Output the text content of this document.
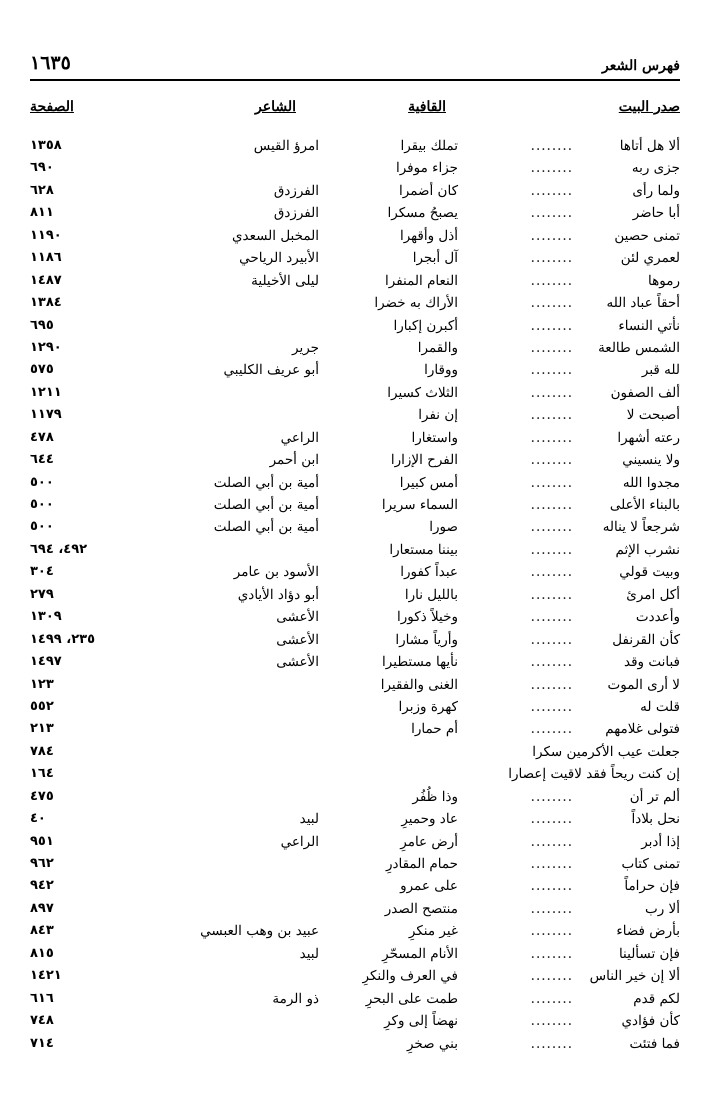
فهرس الشعر
١٦٣٥
صدر البيت
القافية
الشاعر
الصفحة
ألا هل أتاها
........
تملك بيقرا
امرؤ القيس
١٣٥٨
جزى ربه
........
جزاء موفرا
٦٩٠
ولما رأى
........
كان أضمرا
الفرزدق
٦٢٨
أبا حاضر
........
يصبحُ مسكرا
الفرزدق
٨١١
تمنى حصين
........
أذل وأقهرا
المخبل السعدي
١١٩٠
لعمري لئن
........
آل أبجرا
الأبيرد الرياحي
١١٨٦
رموها
........
النعام المنفرا
ليلى الأخيلية
١٤٨٧
أحقاً عباد الله
........
الأراك به خضرا
١٣٨٤
نأتي النساء
........
أكبرن إكبارا
٦٩٥
الشمس طالعة
........
والقمرا
جرير
١٢٩٠
لله قبر
........
ووقارا
أبو عريف الكليبي
٥٧٥
ألف الصفون
........
الثلاث كسيرا
١٢١١
أصبحت لا
........
إن نفرا
١١٧٩
رعته أشهرا
........
واستغارا
الراعي
٤٧٨
ولا ينسيني
........
الفرح الإزارا
ابن أحمر
٦٤٤
مجدوا الله
........
أمس كبيرا
أمية بن أبي الصلت
٥٠٠
بالبناء الأعلى
........
السماء سريرا
أمية بن أبي الصلت
٥٠٠
شرجعاً لا يناله
........
صورا
أمية بن أبي الصلت
٥٠٠
نشرب الإثم
........
بيننا مستعارا
٤٩٢، ٦٩٤
وبيت قولي
........
عبداً كفورا
الأسود بن عامر
٣٠٤
أكل امرئ
........
بالليل نارا
أبو دؤاد الأيادي
٢٧٩
وأعددت
........
وخيلاً ذكورا
الأعشى
١٣٠٩
كأن القرنفل
........
وأرياً مشارا
الأعشى
٢٣٥، ١٤٩٩
فبانت وقد
........
نأيها مستطيرا
الأعشى
١٤٩٧
لا أرى الموت
........
الغنى والفقيرا
١٢٣
قلت له
........
كهرة وزبرا
٥٥٢
فتولى غلامهم
........
أم حمارا
٢١٣
جعلت عيب الأكرمين سكرا
٧٨٤
إن كنت ريحاً فقد لاقيت إعصارا
١٦٤
ألم تر أن
........
وذا ظُفُر
٤٧٥
نحل بلاداً
........
عاد وحميرِ
لبيد
٤٠
إذا أدبر
........
أرض عامرِ
الراعي
٩٥١
تمنى كتاب
........
حمام المقادرِ
٩٦٢
فإن حراماً
........
على عمرو
٩٤٢
ألا رب
........
منتصح الصدر
٨٩٧
بأرض فضاء
........
غير منكرِ
عبيد بن وهب العبسي
٨٤٣
فإن تسألينا
........
الأنام المسحّرِ
لبيد
٨١٥
ألا إن خير الناس
........
في العرف والنكرِ
١٤٢١
لكم قدم
........
طمت على البحرِ
ذو الرمة
٦١٦
كأن فؤادي
........
نهضاً إلى وكرِ
٧٤٨
فما فتئت
........
بني صخرِ
٧١٤
